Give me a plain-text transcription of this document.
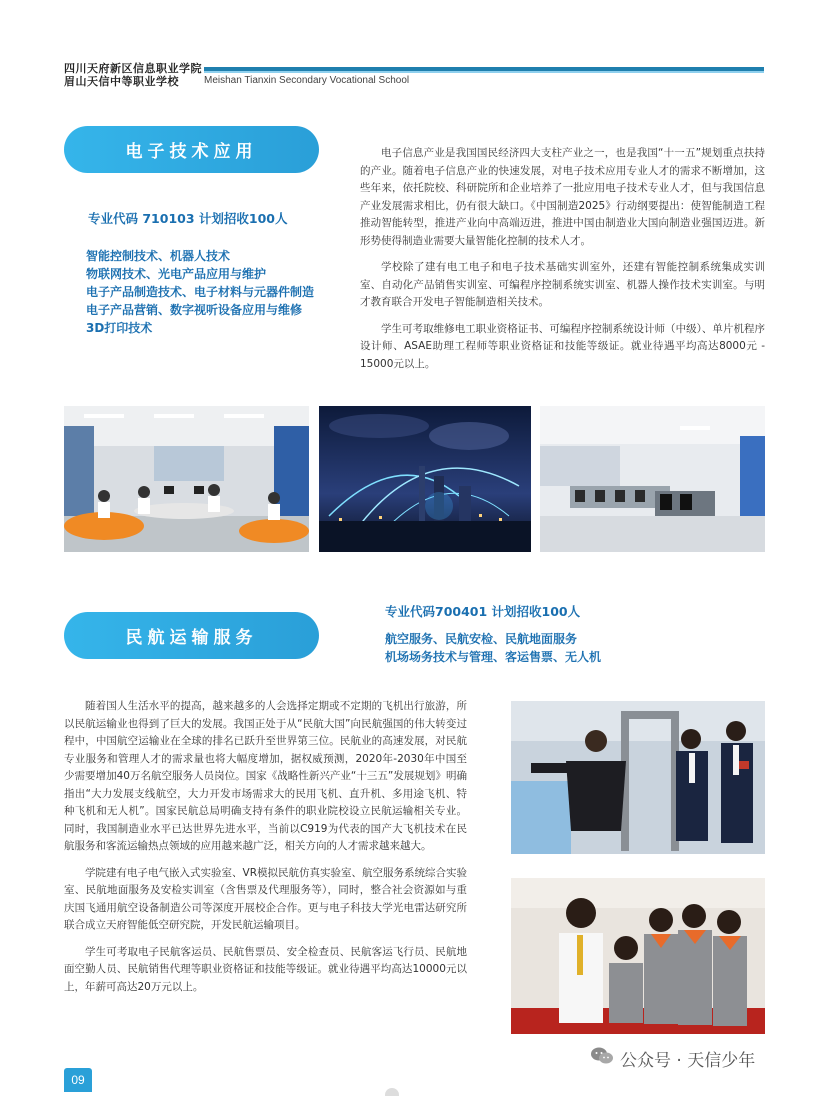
四川天府新区信息职业学院
眉山天信中等职业学校	Meishan Tianxin Secondary Vocational School
电子技术应用
专业代码 710103 计划招收100人
智能控制技术、机器人技术
物联网技术、光电产品应用与维护
电子产品制造技术、电子材料与元器件制造
电子产品营销、数字视听设备应用与维修
3D打印技术

电子信息产业是我国国民经济四大支柱产业之一，也是我国“十一五”规划重点扶持的产业。随着电子信息产业的快速发展，对电子技术应用专业人才的需求不断增加，这些年来，依托院校、科研院所和企业培养了一批应用电子技术专业人才，但与我国信息产业发展需求相比，仍有很大缺口。《中国制造2025》行动纲要提出：使智能制造工程推动智能转型，推进产业向中高端迈进，推进中国由制造业大国向制造业强国迈进。新形势使得制造业需要大量智能化控制的技术人才。

学校除了建有电工电子和电子技术基础实训室外，还建有智能控制系统集成实训室、自动化产品销售实训室、可编程序控制系统实训室、机器人操作技术实训室。与明才教育联合开发电子智能制造相关技术。

学生可考取维修电工职业资格证书、可编程序控制系统设计师（中级）、单片机程序设计师、ASAE助理工程师等职业资格证和技能等级证。就业待遇平均高达8000元 - 15000元以上。

民航运输服务
专业代码700401 计划招收100人
航空服务、民航安检、民航地面服务
机场场务技术与管理、客运售票、无人机

随着国人生活水平的提高，越来越多的人会选择定期或不定期的飞机出行旅游，所以民航运输业也得到了巨大的发展。我国正处于从“民航大国”向民航强国的伟大转变过程中，中国航空运输业在全球的排名已跃升至世界第三位。民航业的高速发展，对民航专业服务和管理人才的需求量也将大幅度增加，据权威预测，2020年-2030年中国至少需要增加40万名航空服务人员岗位。国家《战略性新兴产业“十三五”发展规划》明确指出“大力发展支线航空，大力开发市场需求大的民用飞机、直升机、多用途飞机、特种飞机和无人机”。国家民航总局明确支持有条件的职业院校设立民航运输相关专业。同时，我国制造业水平已达世界先进水平，当前以C919为代表的国产大飞机技术在民航服务和客流运输热点领域的应用越来越广泛，相关方向的人才需求越来越大。

学院建有电子电气嵌入式实验室、VR模拟民航仿真实验室、航空服务系统综合实验室、民航地面服务及安检实训室（含售票及代理服务等），同时，整合社会资源如与重庆国飞通用航空设备制造公司等深度开展校企合作。更与电子科技大学光电雷达研究所联合成立天府智能低空研究院，开发民航运输项目。

学生可考取电子民航客运员、民航售票员、安全检查员、民航客运飞行员、民航地面空勤人员、民航销售代理等职业资格证和技能等级证。就业待遇平均高达10000元以上，年薪可高达20万元以上。

09
公众号 · 天信少年
